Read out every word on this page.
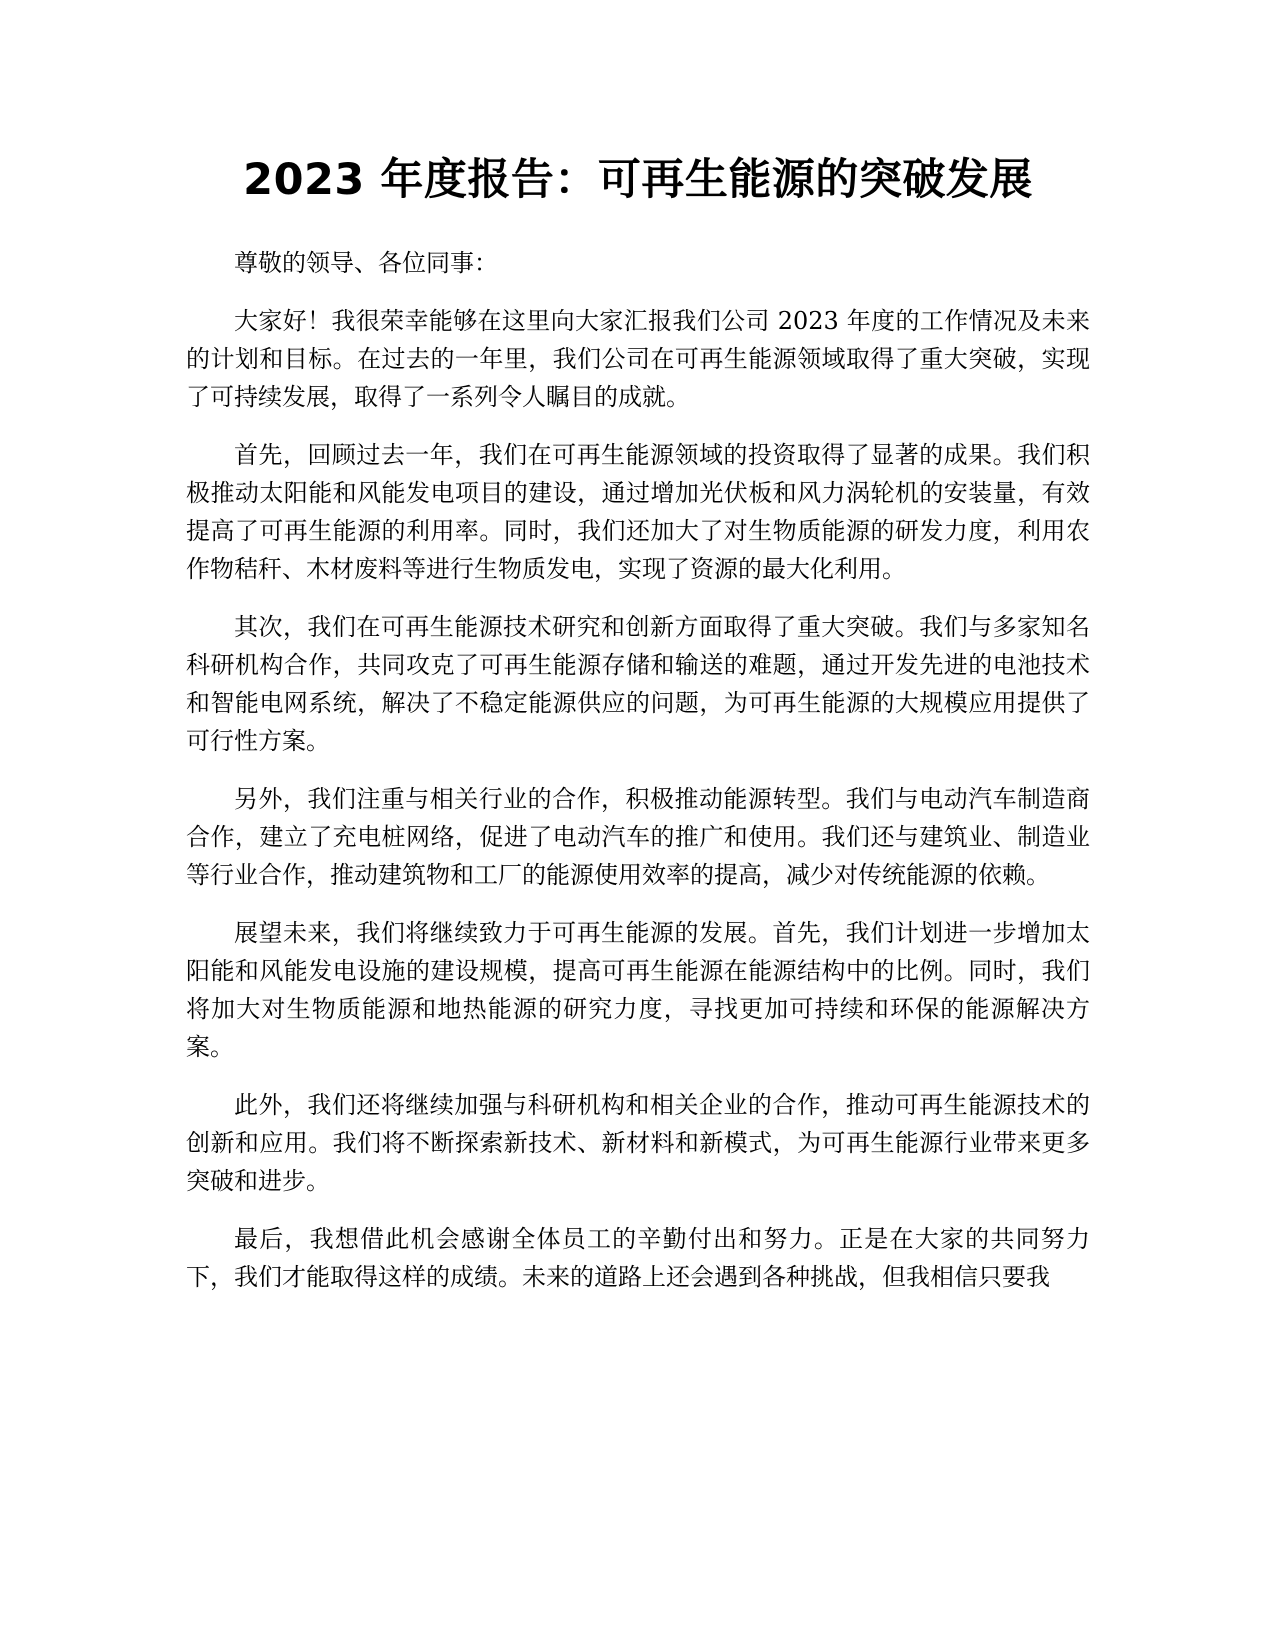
2023 年度报告：可再生能源的突破发展

尊敬的领导、各位同事：

大家好！我很荣幸能够在这里向大家汇报我们公司 2023 年度的工作情况及未来的计划和目标。在过去的一年里，我们公司在可再生能源领域取得了重大突破，实现了可持续发展，取得了一系列令人瞩目的成就。

首先，回顾过去一年，我们在可再生能源领域的投资取得了显著的成果。我们积极推动太阳能和风能发电项目的建设，通过增加光伏板和风力涡轮机的安装量，有效提高了可再生能源的利用率。同时，我们还加大了对生物质能源的研发力度，利用农作物秸秆、木材废料等进行生物质发电，实现了资源的最大化利用。

其次，我们在可再生能源技术研究和创新方面取得了重大突破。我们与多家知名科研机构合作，共同攻克了可再生能源存储和输送的难题，通过开发先进的电池技术和智能电网系统，解决了不稳定能源供应的问题，为可再生能源的大规模应用提供了可行性方案。

另外，我们注重与相关行业的合作，积极推动能源转型。我们与电动汽车制造商合作，建立了充电桩网络，促进了电动汽车的推广和使用。我们还与建筑业、制造业等行业合作，推动建筑物和工厂的能源使用效率的提高，减少对传统能源的依赖。

展望未来，我们将继续致力于可再生能源的发展。首先，我们计划进一步增加太阳能和风能发电设施的建设规模，提高可再生能源在能源结构中的比例。同时，我们将加大对生物质能源和地热能源的研究力度，寻找更加可持续和环保的能源解决方案。

此外，我们还将继续加强与科研机构和相关企业的合作，推动可再生能源技术的创新和应用。我们将不断探索新技术、新材料和新模式，为可再生能源行业带来更多突破和进步。

最后，我想借此机会感谢全体员工的辛勤付出和努力。正是在大家的共同努力下，我们才能取得这样的成绩。未来的道路上还会遇到各种挑战，但我相信只要我
